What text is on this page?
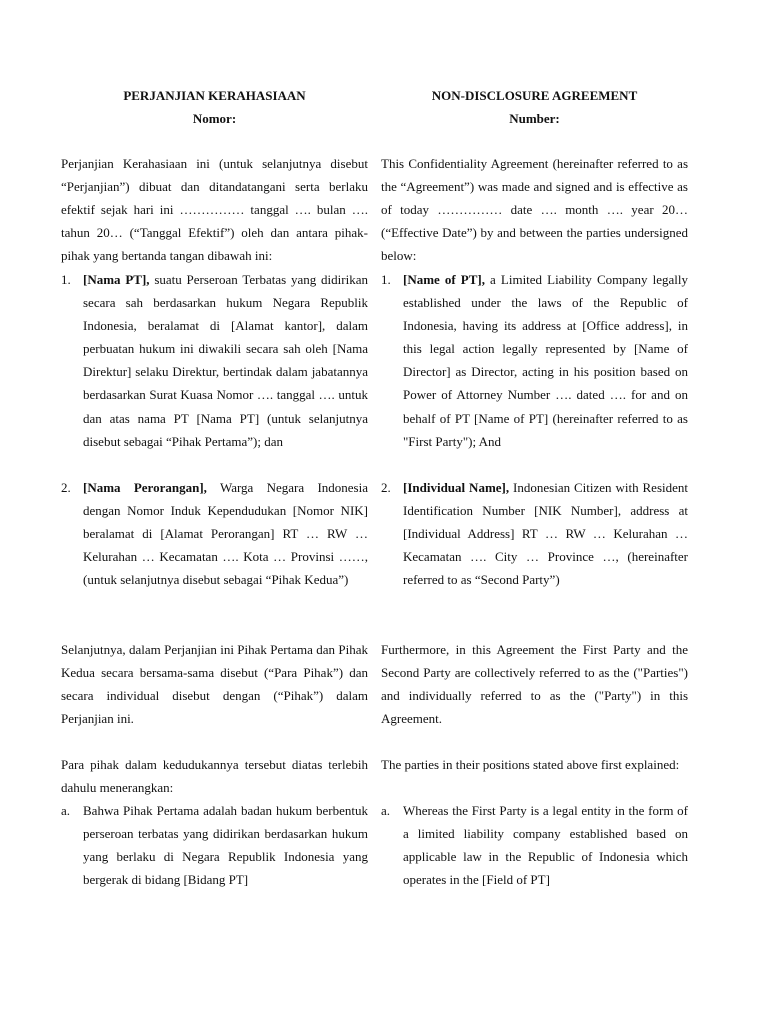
PERJANJIAN KERAHASIAAN
Nomor:

Perjanjian Kerahasiaan ini (untuk selanjutnya disebut “Perjanjian”) dibuat dan ditandatangani serta berlaku efektif sejak hari ini …………… tanggal …. bulan …. tahun 20… (“Tanggal Efektif”) oleh dan antara pihak-pihak yang bertanda tangan dibawah ini:

1. [Nama PT], suatu Perseroan Terbatas yang didirikan secara sah berdasarkan hukum Negara Republik Indonesia, beralamat di [Alamat kantor], dalam perbuatan hukum ini diwakili secara sah oleh [Nama Direktur] selaku Direktur, bertindak dalam jabatannya berdasarkan Surat Kuasa Nomor …. tanggal …. untuk dan atas nama PT [Nama PT] (untuk selanjutnya disebut sebagai “Pihak Pertama”); dan

2. [Nama Perorangan], Warga Negara Indonesia dengan Nomor Induk Kependudukan [Nomor NIK] beralamat di [Alamat Perorangan] RT … RW … Kelurahan … Kecamatan …. Kota … Provinsi ……, (untuk selanjutnya disebut sebagai “Pihak Kedua”)

Selanjutnya, dalam Perjanjian ini Pihak Pertama dan Pihak Kedua secara bersama-sama disebut (“Para Pihak”) dan secara individual disebut dengan (“Pihak”) dalam Perjanjian ini.

Para pihak dalam kedudukannya tersebut diatas terlebih dahulu menerangkan:

a. Bahwa Pihak Pertama adalah badan hukum berbentuk perseroan terbatas yang didirikan berdasarkan hukum yang berlaku di Negara Republik Indonesia yang bergerak di bidang [Bidang PT]

NON-DISCLOSURE AGREEMENT
Number:

This Confidentiality Agreement (hereinafter referred to as the “Agreement”) was made and signed and is effective as of today …………… date …. month …. year 20… (“Effective Date”) by and between the parties undersigned below:

1. [Name of PT], a Limited Liability Company legally established under the laws of the Republic of Indonesia, having its address at [Office address], in this legal action legally represented by [Name of Director] as Director, acting in his position based on Power of Attorney Number …. dated …. for and on behalf of PT [Name of PT] (hereinafter referred to as "First Party"); And

2. [Individual Name], Indonesian Citizen with Resident Identification Number [NIK Number], address at [Individual Address] RT … RW … Kelurahan … Kecamatan …. City … Province …, (hereinafter referred to as “Second Party”)

Furthermore, in this Agreement the First Party and the Second Party are collectively referred to as the ("Parties") and individually referred to as the ("Party") in this Agreement.

The parties in their positions stated above first explained:

a. Whereas the First Party is a legal entity in the form of a limited liability company established based on applicable law in the Republic of Indonesia which operates in the [Field of PT]
